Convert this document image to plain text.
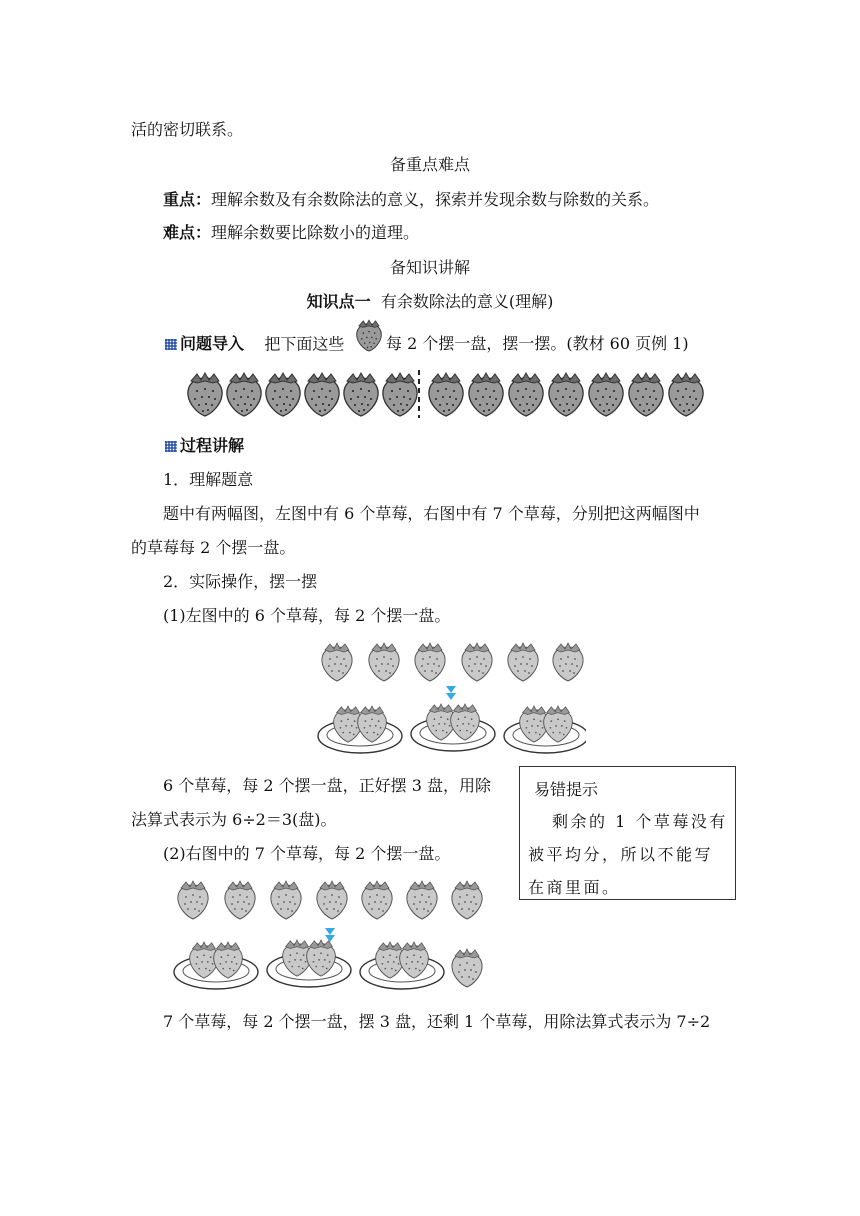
活的密切联系。
备重点难点
重点：理解余数及有余数除法的意义，探索并发现余数与除数的关系。
难点：理解余数要比除数小的道理。
备知识讲解
知识点一 有余数除法的意义(理解)
问题导入 把下面这些	每 2 个摆一盘，摆一摆。(教材 60 页例 1)
过程讲解
1．理解题意
题中有两幅图，左图中有 6 个草莓，右图中有 7 个草莓，分别把这两幅图中
的草莓每 2 个摆一盘。
2．实际操作，摆一摆
(1)左图中的 6 个草莓，每 2 个摆一盘。
6 个草莓，每 2 个摆一盘，正好摆 3 盘，用除
法算式表示为 6÷2＝3(盘)。
(2)右图中的 7 个草莓，每 2 个摆一盘。
易错提示
剩余的 1 个草莓没有被平均分，所以不能写在商里面。
7 个草莓，每 2 个摆一盘，摆 3 盘，还剩 1 个草莓，用除法算式表示为 7÷2
